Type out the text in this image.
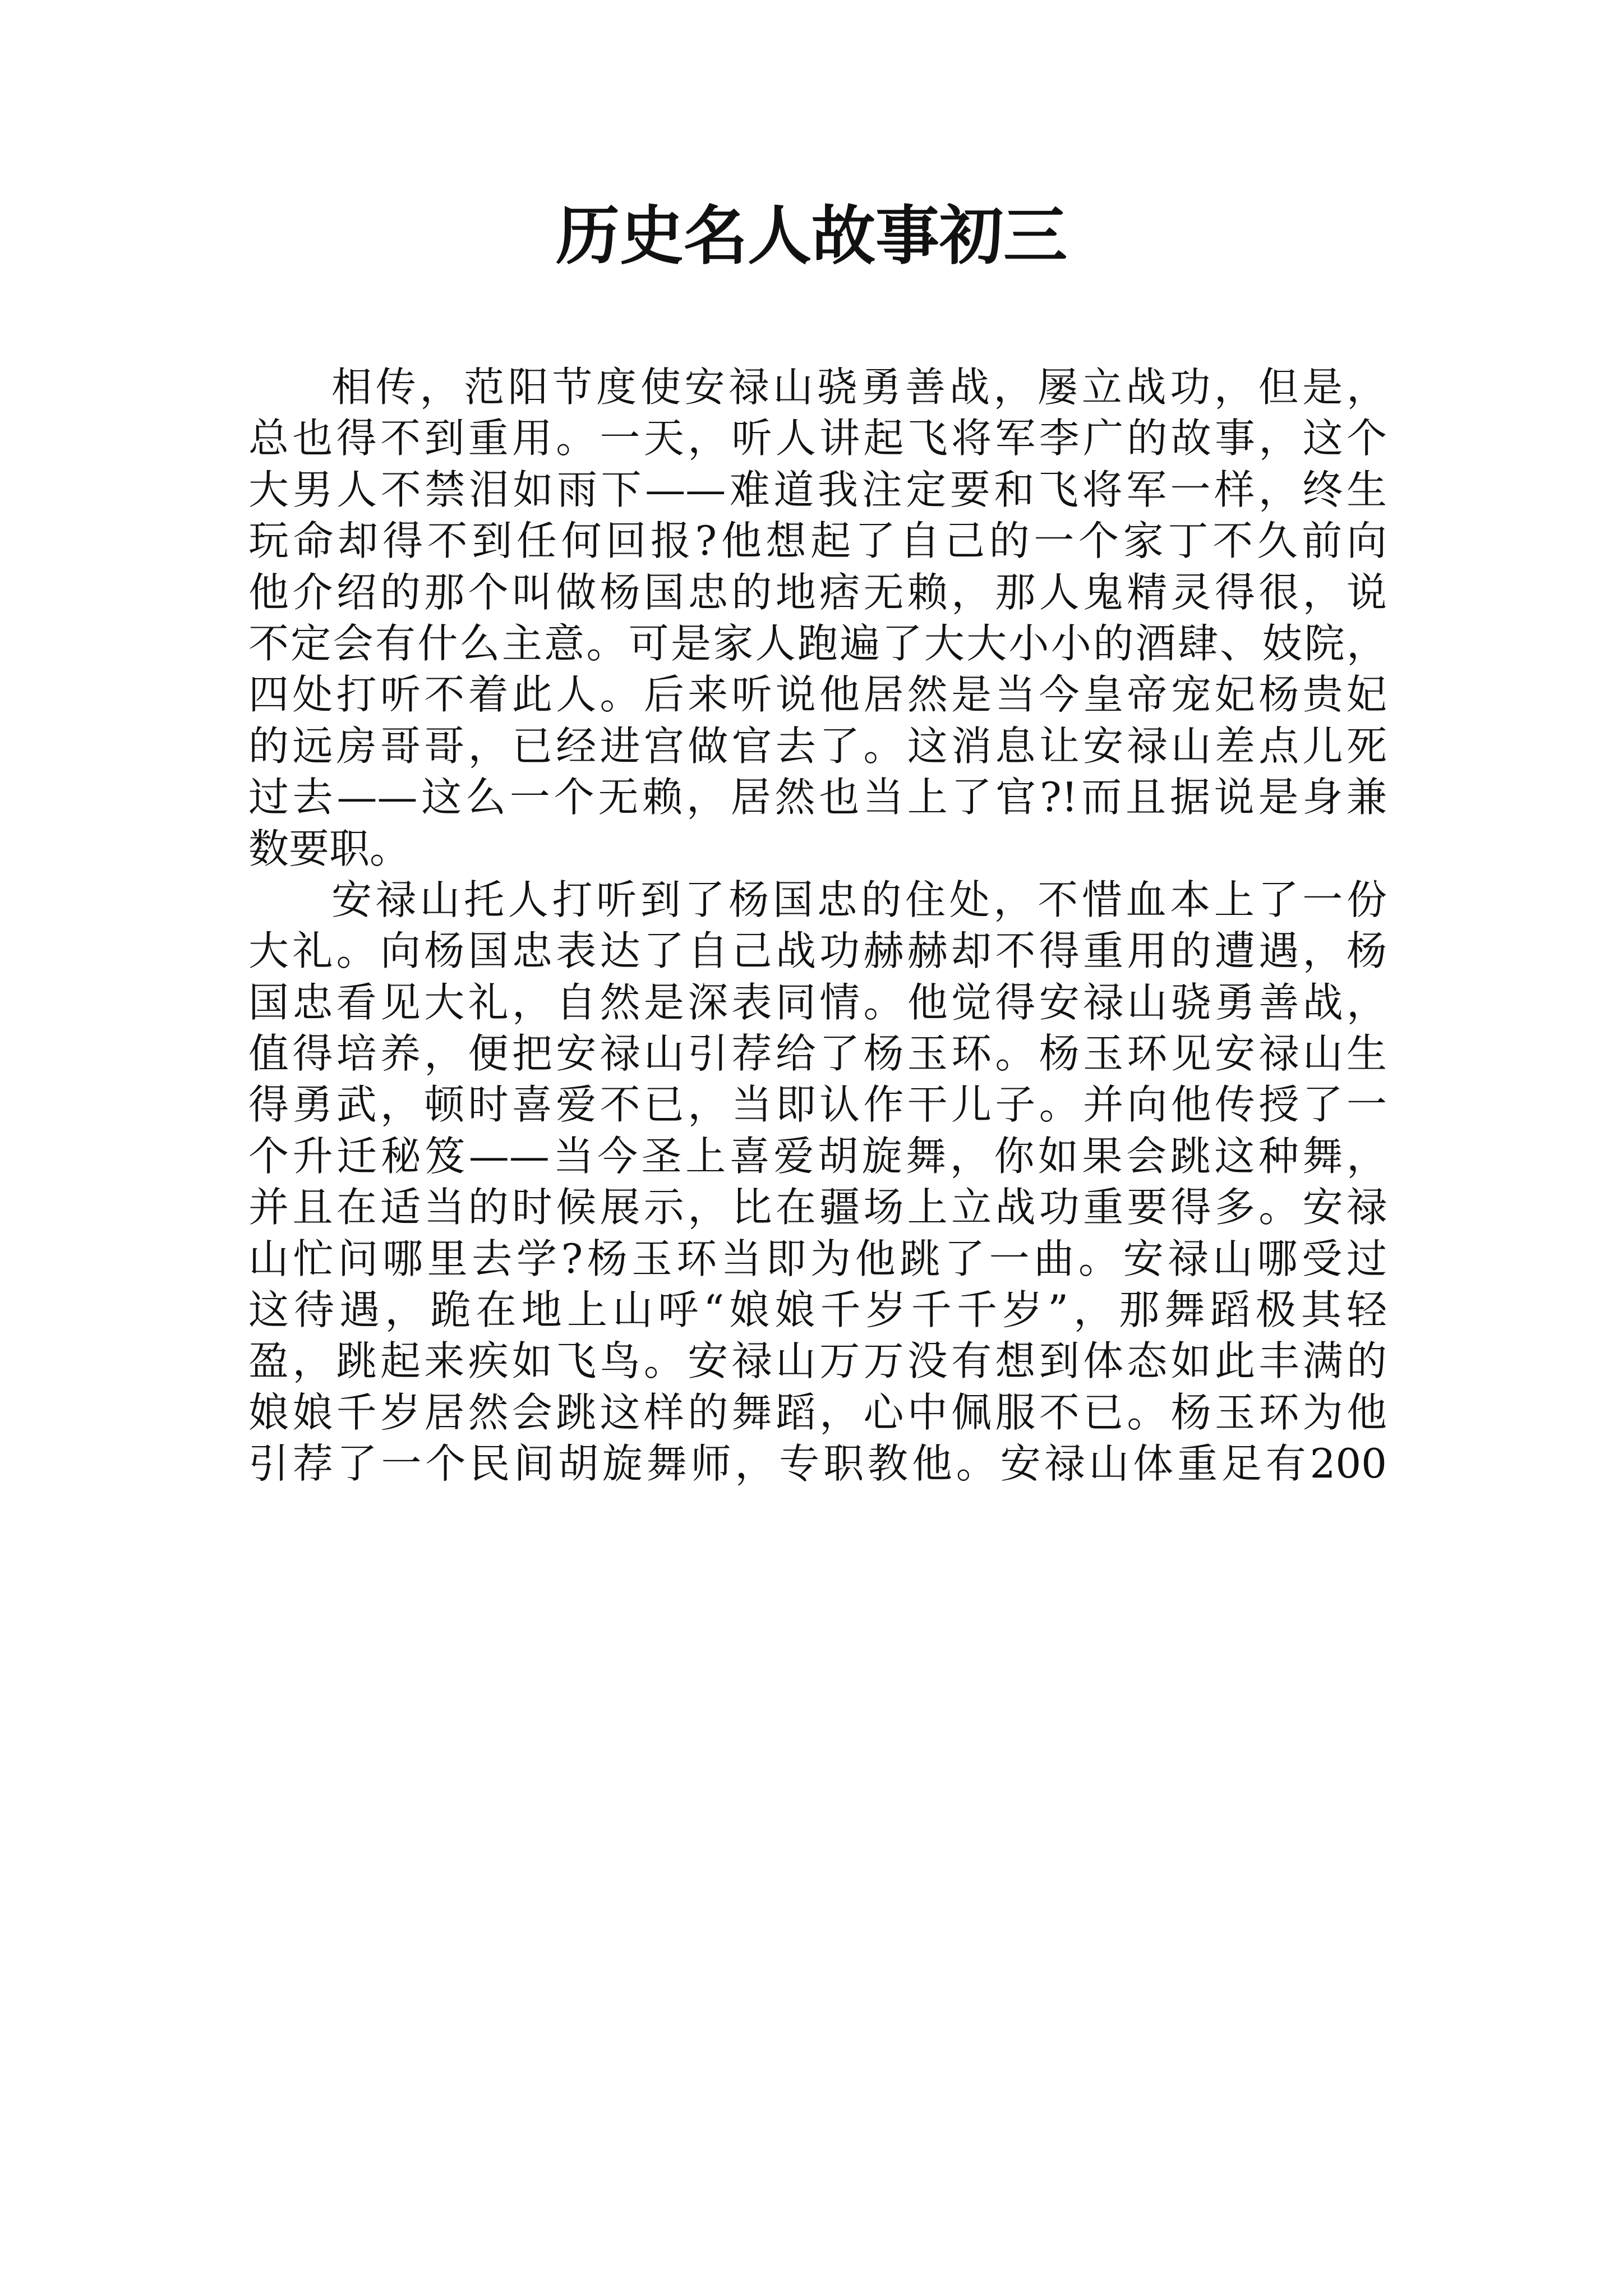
历史名人故事初三
相传，范阳节度使安禄山骁勇善战，屡立战功，但是，
总也得不到重用。一天，听人讲起飞将军李广的故事，这个
大男人不禁泪如雨下——难道我注定要和飞将军一样，终生
玩命却得不到任何回报?他想起了自己的一个家丁不久前向
他介绍的那个叫做杨国忠的地痞无赖，那人鬼精灵得很，说
不定会有什么主意。可是家人跑遍了大大小小的酒肆、妓院，
四处打听不着此人。后来听说他居然是当今皇帝宠妃杨贵妃
的远房哥哥，已经进宫做官去了。这消息让安禄山差点儿死
过去——这么一个无赖，居然也当上了官?!而且据说是身兼
数要职。
安禄山托人打听到了杨国忠的住处，不惜血本上了一份
大礼。向杨国忠表达了自己战功赫赫却不得重用的遭遇，杨
国忠看见大礼，自然是深表同情。他觉得安禄山骁勇善战，
值得培养，便把安禄山引荐给了杨玉环。杨玉环见安禄山生
得勇武，顿时喜爱不已，当即认作干儿子。并向他传授了一
个升迁秘笈——当今圣上喜爱胡旋舞，你如果会跳这种舞，
并且在适当的时候展示，比在疆场上立战功重要得多。安禄
山忙问哪里去学?杨玉环当即为他跳了一曲。安禄山哪受过
这待遇，跪在地上山呼“娘娘千岁千千岁”，那舞蹈极其轻
盈，跳起来疾如飞鸟。安禄山万万没有想到体态如此丰满的
娘娘千岁居然会跳这样的舞蹈，心中佩服不已。杨玉环为他
引荐了一个民间胡旋舞师，专职教他。安禄山体重足有200
